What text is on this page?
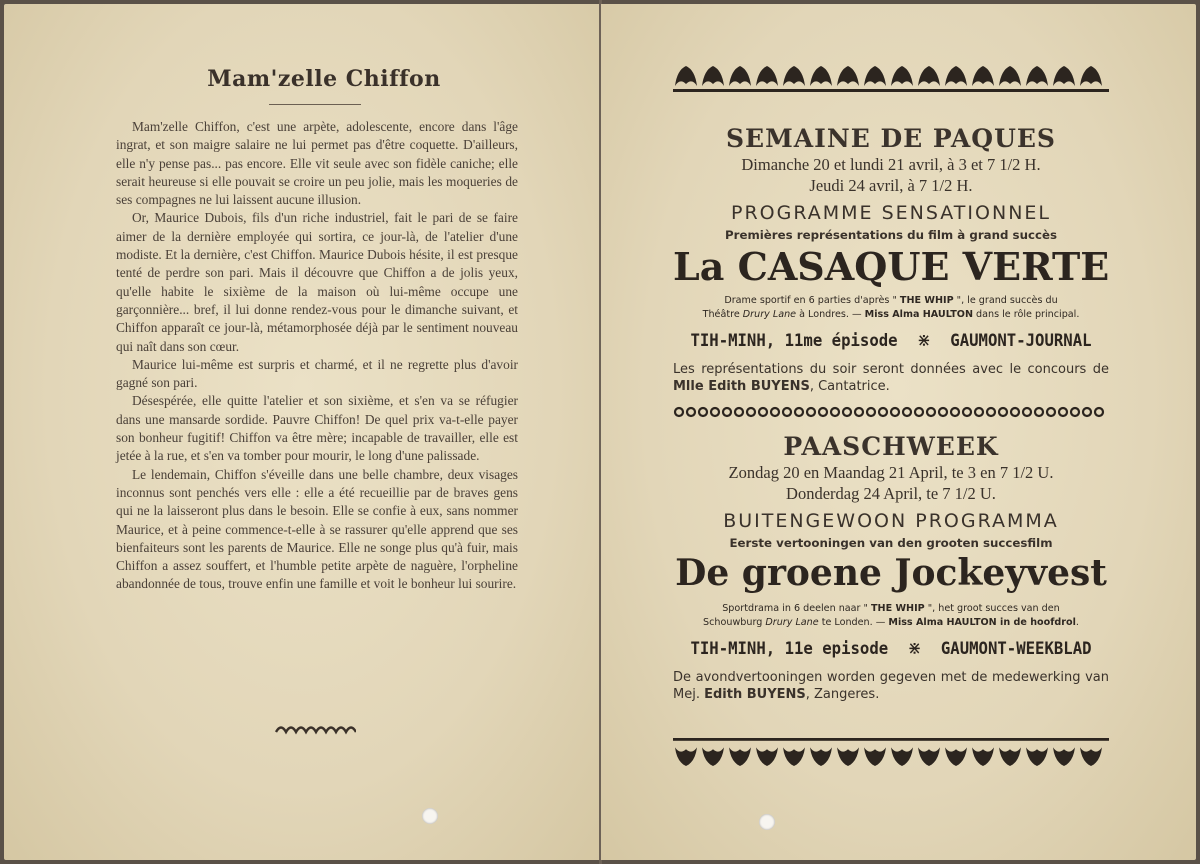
Mam'zelle Chiffon

Mam'zelle Chiffon, c'est une arpète, adolescente, encore dans l'âge ingrat, et son maigre salaire ne lui permet pas d'être coquette. D'ailleurs, elle n'y pense pas... pas encore. Elle vit seule avec son fidèle caniche; elle serait heureuse si elle pouvait se croire un peu jolie, mais les moqueries de ses compagnes ne lui laissent aucune illusion.

Or, Maurice Dubois, fils d'un riche industriel, fait le pari de se faire aimer de la dernière employée qui sortira, ce jour-là, de l'atelier d'une modiste. Et la dernière, c'est Chiffon. Maurice Dubois hésite, il est presque tenté de perdre son pari. Mais il découvre que Chiffon a de jolis yeux, qu'elle habite le sixième de la maison où lui-même occupe une garçonnière... bref, il lui donne rendez-vous pour le dimanche suivant, et Chiffon apparaît ce jour-là, métamorphosée déjà par le sentiment nouveau qui naît dans son cœur.

Maurice lui-même est surpris et charmé, et il ne regrette plus d'avoir gagné son pari.

Désespérée, elle quitte l'atelier et son sixième, et s'en va se réfugier dans une mansarde sordide. Pauvre Chiffon! De quel prix va-t-elle payer son bonheur fugitif! Chiffon va être mère; incapable de travailler, elle est jetée à la rue, et s'en va tomber pour mourir, le long d'une palissade.

Le lendemain, Chiffon s'éveille dans une belle chambre, deux visages inconnus sont penchés vers elle : elle a été recueillie par de braves gens qui ne la laisseront plus dans le besoin. Elle se confie à eux, sans nommer Maurice, et à peine commence-t-elle à se rassurer qu'elle apprend que ses bienfaiteurs sont les parents de Maurice. Elle ne songe plus qu'à fuir, mais Chiffon a assez souffert, et l'humble petite arpète de naguère, l'orpheline abandonnée de tous, trouve enfin une famille et voit le bonheur lui sourire.

SEMAINE DE PAQUES
Dimanche 20 et lundi 21 avril, à 3 et 7 1/2 H.
Jeudi 24 avril, à 7 1/2 H.
PROGRAMME SENSATIONNEL
Premières représentations du film à grand succès
La CASAQUE VERTE
Drame sportif en 6 parties d'après " THE WHIP ", le grand succès du
Théâtre Drury Lane à Londres. — Miss Alma HAULTON dans le rôle principal.
TIH-MINH, 11me épisode ⋇ GAUMONT-JOURNAL
Les représentations du soir seront données avec le concours de Mlle Edith BUYENS, Cantatrice.
PAASCHWEEK
Zondag 20 en Maandag 21 April, te 3 en 7 1/2 U.
Donderdag 24 April, te 7 1/2 U.
BUITENGEWOON PROGRAMMA
Eerste vertooningen van den grooten succesfilm
De groene Jockeyvest
Sportdrama in 6 deelen naar " THE WHIP ", het groot succes van den
Schouwburg Drury Lane te Londen. — Miss Alma HAULTON in de hoofdrol.
TIH-MINH, 11e episode ⋇ GAUMONT-WEEKBLAD
De avondvertooningen worden gegeven met de medewerking van Mej. Edith BUYENS, Zangeres.
